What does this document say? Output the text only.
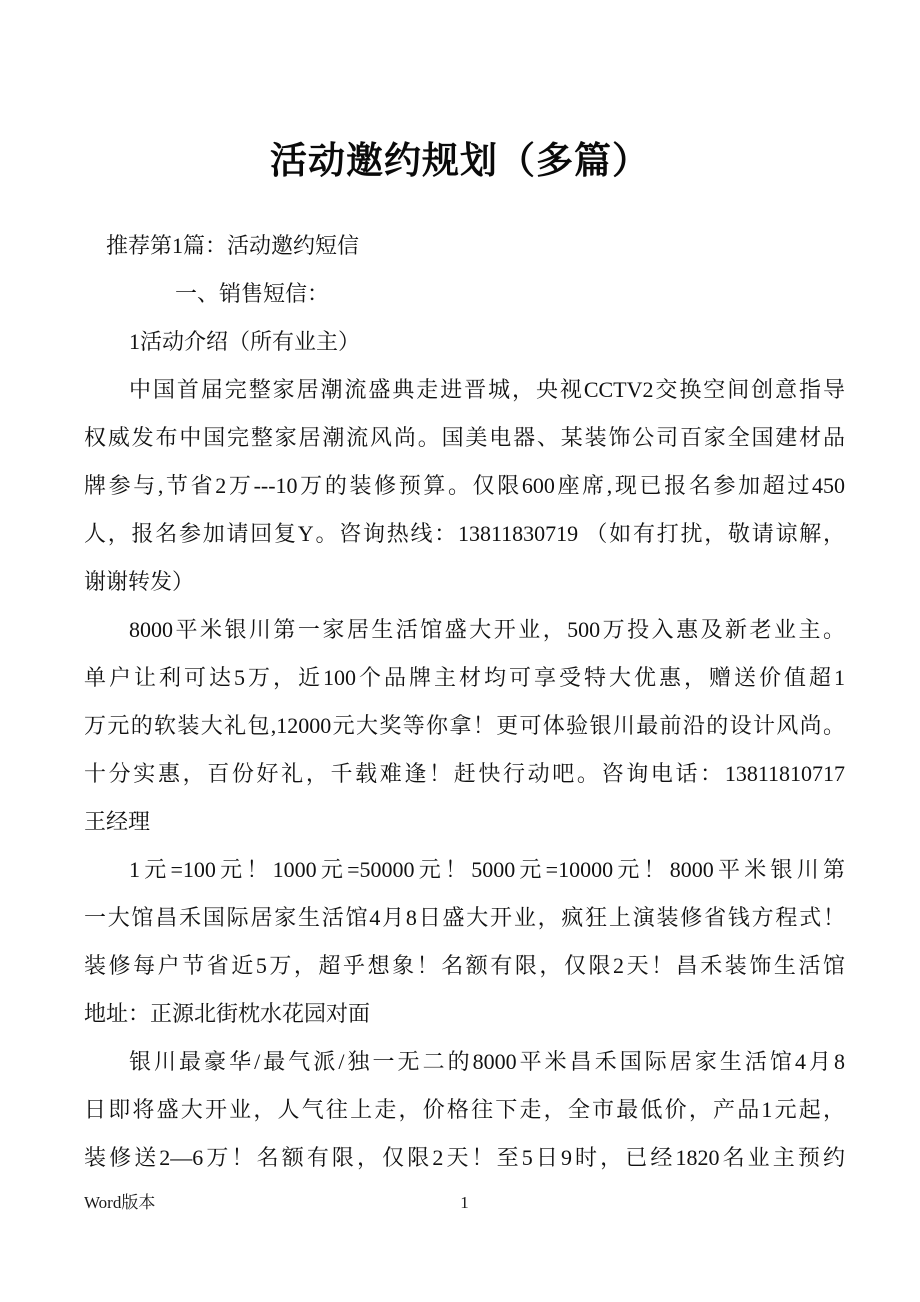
活动邀约规划（多篇）
推荐第1篇：活动邀约短信
一、销售短信：
1活动介绍（所有业主）
中国首届完整家居潮流盛典走进晋城，央视CCTV2交换空间创意指导
权威发布中国完整家居潮流风尚。国美电器、某装饰公司百家全国建材品
牌参与,节省2万---10万的装修预算。仅限600座席,现已报名参加超过450
人，报名参加请回复Y。咨询热线：13811830719 （如有打扰，敬请谅解，
谢谢转发）
8000平米银川第一家居生活馆盛大开业，500万投入惠及新老业主。
单户让利可达5万，近100个品牌主材均可享受特大优惠，赠送价值超1
万元的软装大礼包,12000元大奖等你拿！更可体验银川最前沿的设计风尚。
十分实惠，百份好礼，千载难逢！赶快行动吧。咨询电话：13811810717
王经理
1元=100元！1000元=50000元！5000元=10000元！8000平米银川第
一大馆昌禾国际居家生活馆4月8日盛大开业，疯狂上演装修省钱方程式！
装修每户节省近5万，超乎想象！名额有限，仅限2天！昌禾装饰生活馆
地址：正源北街枕水花园对面
银川最豪华/最气派/独一无二的8000平米昌禾国际居家生活馆4月8
日即将盛大开业，人气往上走，价格往下走，全市最低价，产品1元起，
装修送2—6万！名额有限，仅限2天！至5日9时，已经1820名业主预约
1
Word版本
